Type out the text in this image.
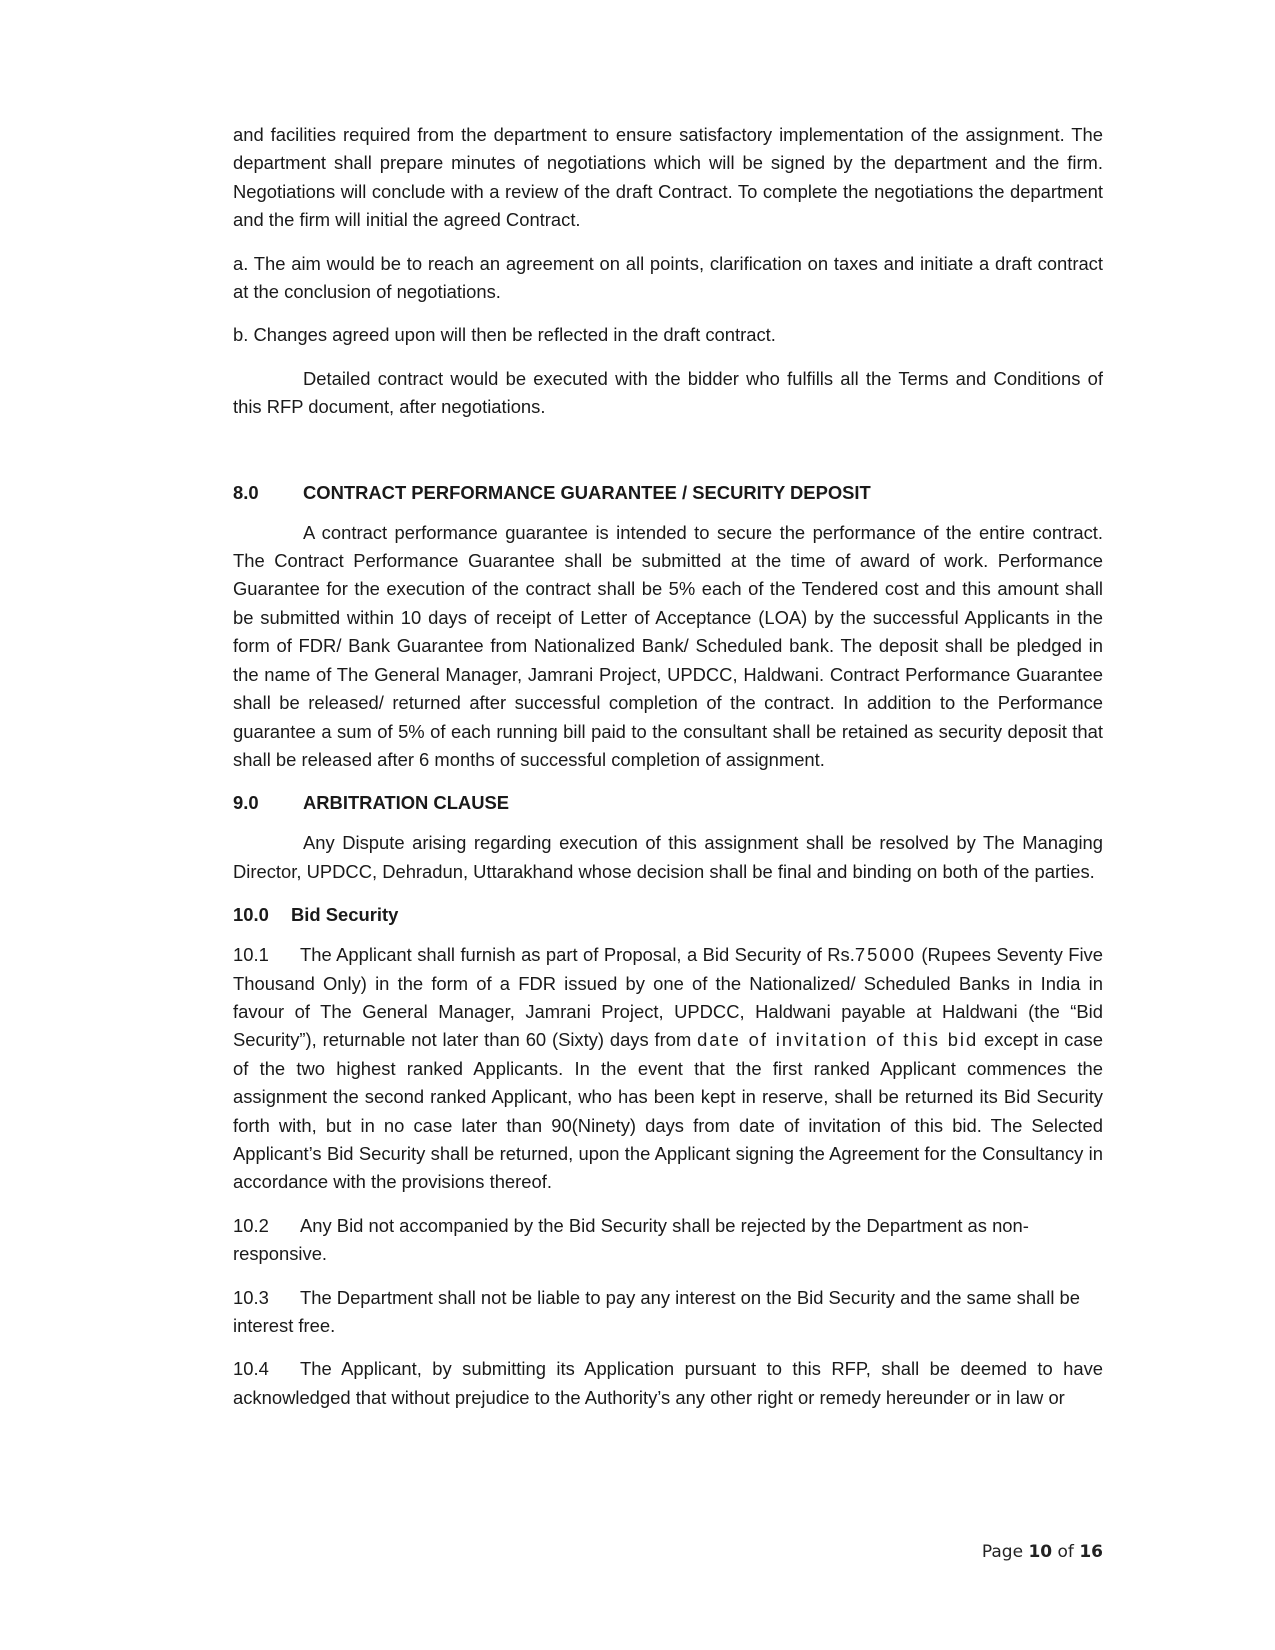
and facilities required from the department to ensure satisfactory implementation of the assignment. The department shall prepare minutes of negotiations which will be signed by the department and the firm. Negotiations will conclude with a review of the draft Contract. To complete the negotiations the department and the firm will initial the agreed Contract.

a. The aim would be to reach an agreement on all points, clarification on taxes and initiate a draft contract at the conclusion of negotiations.

b. Changes agreed upon will then be reflected in the draft contract.

Detailed contract would be executed with the bidder who fulfills all the Terms and Conditions of this RFP document, after negotiations.

8.0	CONTRACT PERFORMANCE GUARANTEE / SECURITY DEPOSIT

A contract performance guarantee is intended to secure the performance of the entire contract. The Contract Performance Guarantee shall be submitted at the time of award of work. Performance Guarantee for the execution of the contract shall be 5% each of the Tendered cost and this amount shall be submitted within 10 days of receipt of Letter of Acceptance (LOA) by the successful Applicants in the form of FDR/ Bank Guarantee from Nationalized Bank/ Scheduled bank. The deposit shall be pledged in the name of The General Manager, Jamrani Project, UPDCC, Haldwani. Contract Performance Guarantee shall be released/ returned after successful completion of the contract. In addition to the Performance guarantee a sum of 5% of each running bill paid to the consultant shall be retained as security deposit that shall be released after 6 months of successful completion of assignment.

9.0	ARBITRATION CLAUSE

Any Dispute arising regarding execution of this assignment shall be resolved by The Managing Director, UPDCC, Dehradun, Uttarakhand whose decision shall be final and binding on both of the parties.

10.0	Bid Security

10.1 The Applicant shall furnish as part of Proposal, a Bid Security of Rs.75000 (Rupees Seventy Five Thousand Only) in the form of a FDR issued by one of the Nationalized/ Scheduled Banks in India in favour of The General Manager, Jamrani Project, UPDCC, Haldwani payable at Haldwani (the “Bid Security”), returnable not later than 60 (Sixty) days from date of invitation of this bid except in case of the two highest ranked Applicants. In the event that the first ranked Applicant commences the assignment the second ranked Applicant, who has been kept in reserve, shall be returned its Bid Security forth with, but in no case later than 90(Ninety) days from date of invitation of this bid. The Selected Applicant’s Bid Security shall be returned, upon the Applicant signing the Agreement for the Consultancy in accordance with the provisions thereof.

10.2 Any Bid not accompanied by the Bid Security shall be rejected by the Department as non-responsive.

10.3 The Department shall not be liable to pay any interest on the Bid Security and the same shall be interest free.

10.4 The Applicant, by submitting its Application pursuant to this RFP, shall be deemed to have acknowledged that without prejudice to the Authority’s any other right or remedy hereunder or in law or

Page 10 of 16
